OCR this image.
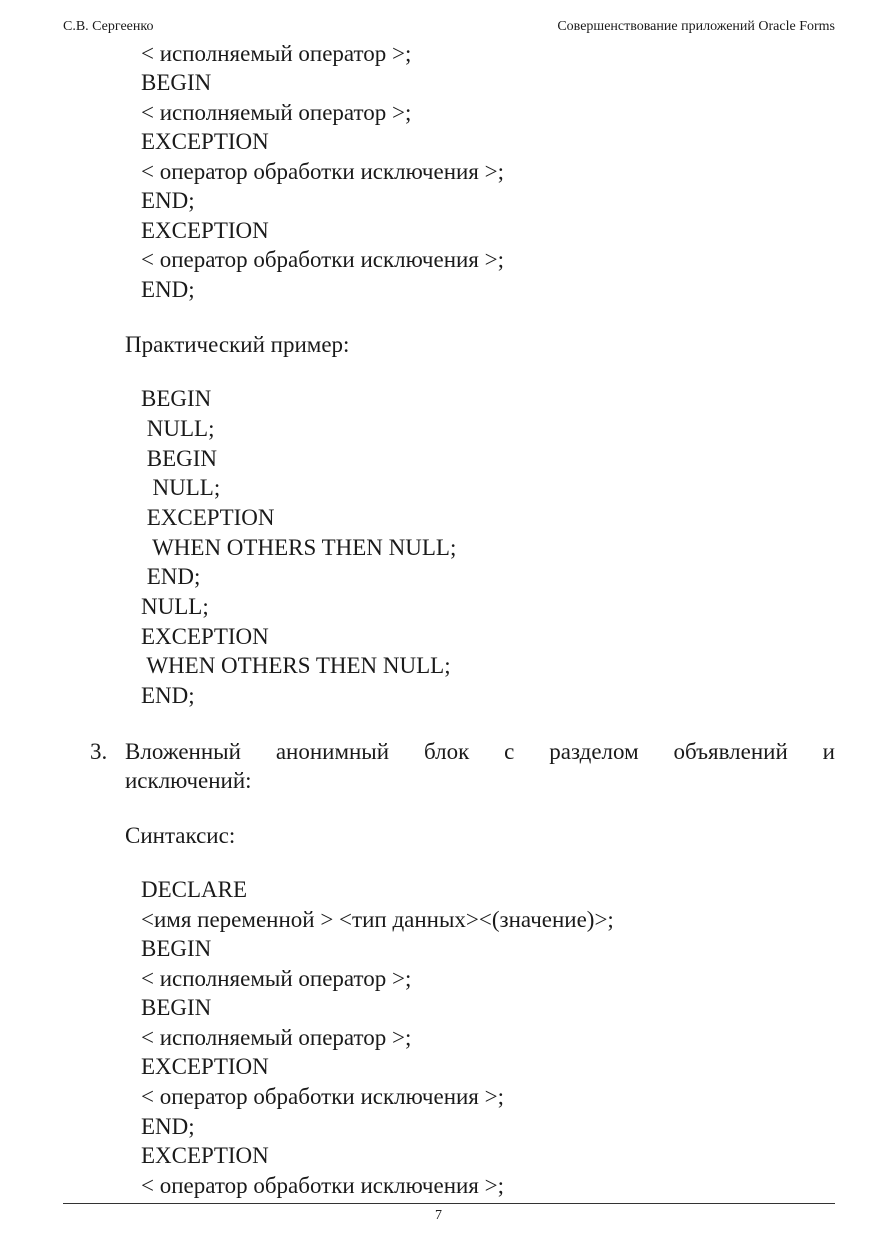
С.В. Сергеенко	Совершенствование приложений Oracle Forms
< исполняемый оператор >;
BEGIN
< исполняемый оператор >;
EXCEPTION
< оператор обработки исключения >;
END;
EXCEPTION
< оператор обработки исключения >;
END;
Практический пример:
BEGIN
NULL;
BEGIN
NULL;
EXCEPTION
WHEN OTHERS THEN NULL;
END;
NULL;
EXCEPTION
WHEN OTHERS THEN NULL;
END;
3. Вложенный анонимный блок с разделом объявлений и
исключений:
Синтаксис:
DECLARE
<имя переменной > <тип данных><(значение)>;
BEGIN
< исполняемый оператор >;
BEGIN
< исполняемый оператор >;
EXCEPTION
< оператор обработки исключения >;
END;
EXCEPTION
< оператор обработки исключения >;
7
